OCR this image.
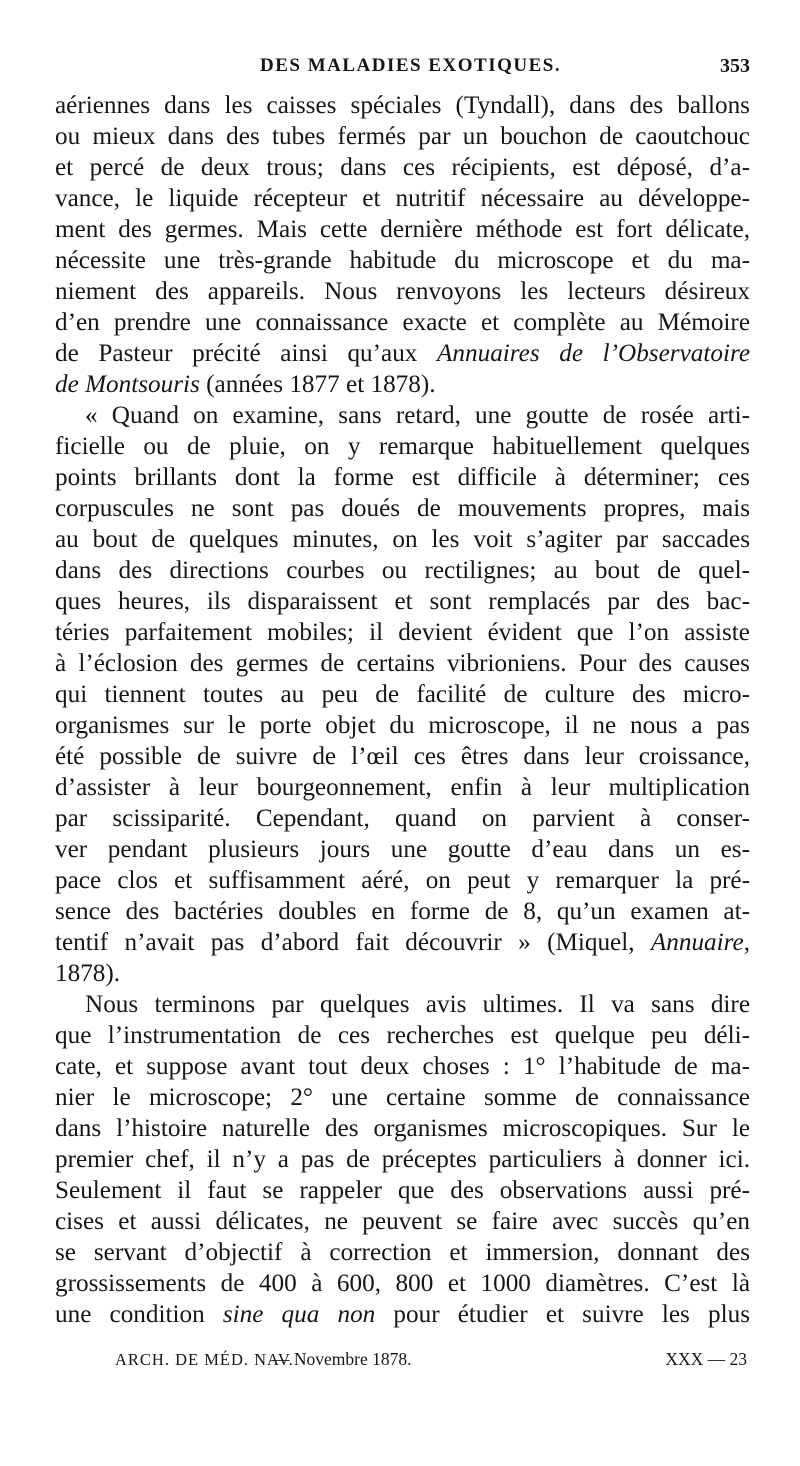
DES MALADIES EXOTIQUES.	353
aériennes dans les caisses spéciales (Tyndall), dans des ballons
ou mieux dans des tubes fermés par un bouchon de caoutchouc
et percé de deux trous; dans ces récipients, est déposé, d’a-
vance, le liquide récepteur et nutritif nécessaire au développe-
ment des germes. Mais cette dernière méthode est fort délicate,
nécessite une très-grande habitude du microscope et du ma-
niement des appareils. Nous renvoyons les lecteurs désireux
d’en prendre une connaissance exacte et complète au Mémoire
de Pasteur précité ainsi qu’aux Annuaires de l’Observatoire
de Montsouris (années 1877 et 1878).
« Quand on examine, sans retard, une goutte de rosée arti-
ficielle ou de pluie, on y remarque habituellement quelques
points brillants dont la forme est difficile à déterminer; ces
corpuscules ne sont pas doués de mouvements propres, mais
au bout de quelques minutes, on les voit s’agiter par saccades
dans des directions courbes ou rectilignes; au bout de quel-
ques heures, ils disparaissent et sont remplacés par des bac-
téries parfaitement mobiles; il devient évident que l’on assiste
à l’éclosion des germes de certains vibrioniens. Pour des causes
qui tiennent toutes au peu de facilité de culture des micro-
organismes sur le porte objet du microscope, il ne nous a pas
été possible de suivre de l’œil ces êtres dans leur croissance,
d’assister à leur bourgeonnement, enfin à leur multiplication
par scissiparité. Cependant, quand on parvient à conser-
ver pendant plusieurs jours une goutte d’eau dans un es-
pace clos et suffisamment aéré, on peut y remarquer la pré-
sence des bactéries doubles en forme de 8, qu’un examen at-
tentif n’avait pas d’abord fait découvrir » (Miquel, Annuaire,
1878).
Nous terminons par quelques avis ultimes. Il va sans dire
que l’instrumentation de ces recherches est quelque peu déli-
cate, et suppose avant tout deux choses : 1° l’habitude de ma-
nier le microscope; 2° une certaine somme de connaissance
dans l’histoire naturelle des organismes microscopiques. Sur le
premier chef, il n’y a pas de préceptes particuliers à donner ici.
Seulement il faut se rappeler que des observations aussi pré-
cises et aussi délicates, ne peuvent se faire avec succès qu’en
se servant d’objectif à correction et immersion, donnant des
grossissements de 400 à 600, 800 et 1000 diamètres. C’est là
une condition sine qua non pour étudier et suivre les plus
ARCH. DE MÉD. NAV.
— Novembre 1878.	XXX — 23
